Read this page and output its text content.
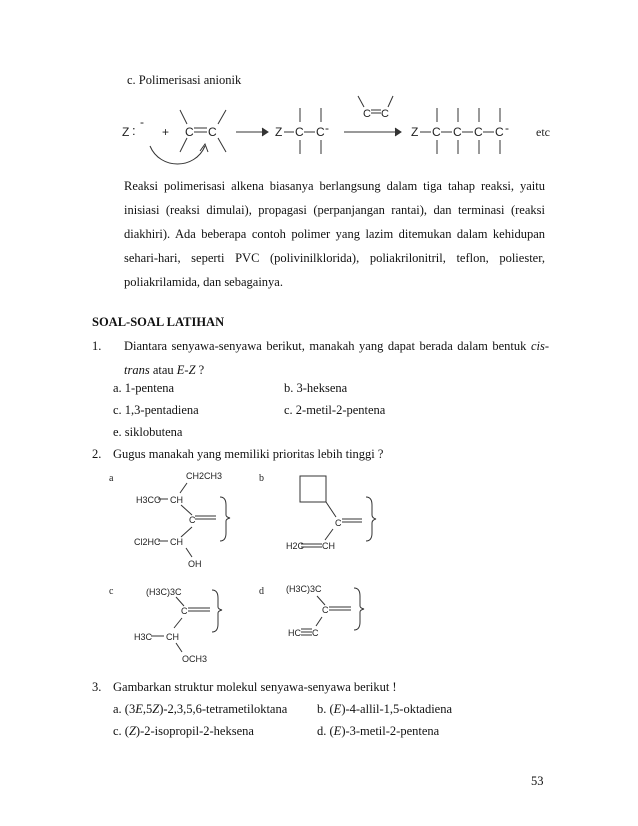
c. Polimerisasi anionik
Z :
-
+ C C	Z C C -
C C
Z C C C C - etc
Reaksi polimerisasi alkena biasanya berlangsung dalam tiga tahap reaksi, yaitu
inisiasi (reaksi dimulai), propagasi (perpanjangan rantai), dan terminasi (reaksi
diakhiri). Ada beberapa contoh polimer yang lazim ditemukan dalam kehidupan
sehari-hari, seperti PVC (polivinilklorida), poliakrilonitril, teflon, poliester,
poliakrilamida, dan sebagainya.
SOAL-SOAL LATIHAN
1. Diantara senyawa-senyawa berikut, manakah yang dapat berada dalam bentuk cis-
trans atau E-Z ?
a. 1-pentena	b. 3-heksena
c. 1,3-pentadiena	c. 2-metil-2-pentena
e. siklobutena
2. Gugus manakah yang memiliki prioritas lebih tinggi ?
a	CH2CH3
H3CO CH
C
Cl2HC CH
OH
b
C
H2C CH
c	(H3C)3C
C
H3C CH
OCH3
d (H3C)3C
C
HC C
3. Gambarkan struktur molekul senyawa-senyawa berikut !
a. (3E,5Z)-2,3,5,6-tetrametiloktana b. (E)-4-allil-1,5-oktadiena
c. (Z)-2-isopropil-2-heksena	d. (E)-3-metil-2-pentena
53
